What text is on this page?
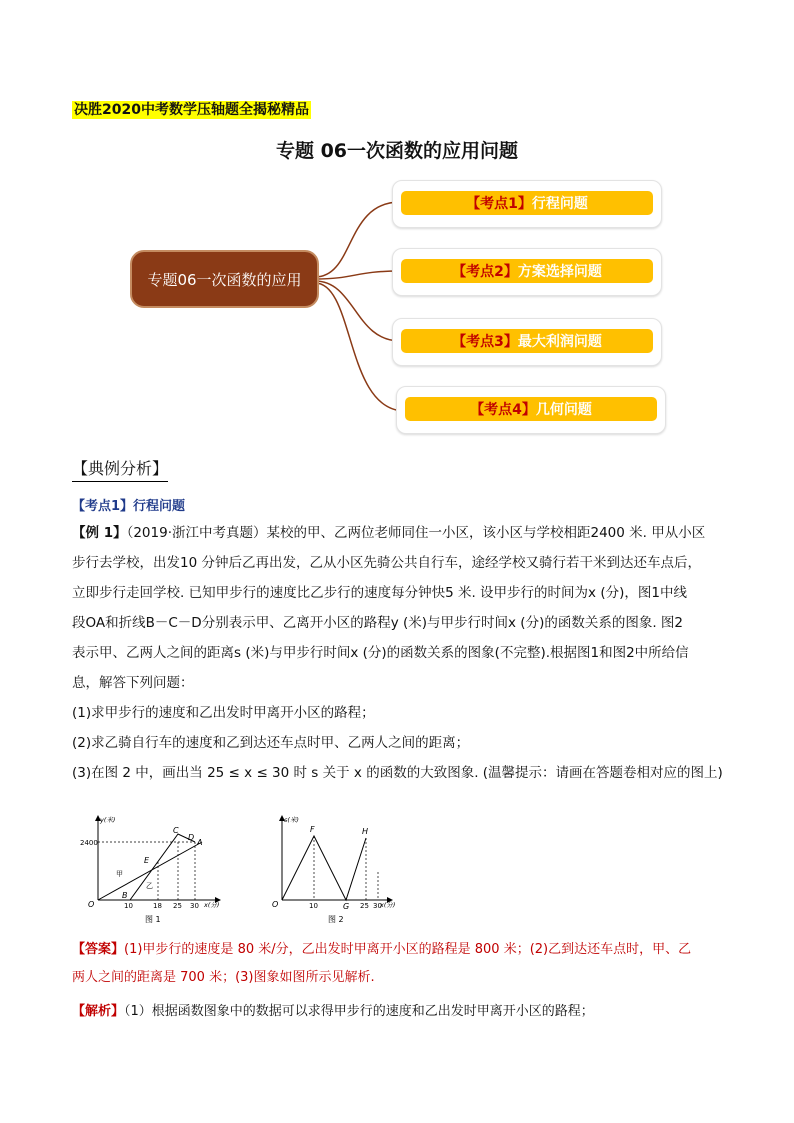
决胜2020中考数学压轴题全揭秘精品
专题 06一次函数的应用问题
专题06一次函数的应用
【考点1】 行程问题
【考点2】 方案选择问题
【考点3】 最大利润问题
【考点4】 几何问题
【典例分析】
【考点1】行程问题
【例 1】（2019·浙江中考真题）某校的甲、乙两位老师同住一小区，该小区与学校相距2400 米. 甲从小区
步行去学校，出发10 分钟后乙再出发，乙从小区先骑公共自行车，途经学校又骑行若干米到达还车点后，
立即步行走回学校. 已知甲步行的速度比乙步行的速度每分钟快5 米. 设甲步行的时间为x (分)，图1中线
段OA和折线B－C－D分别表示甲、乙离开小区的路程y (米)与甲步行时间x (分)的函数关系的图象. 图2
表示甲、乙两人之间的距离s (米)与甲步行时间x (分)的函数关系的图象(不完整).根据图1和图2中所给信
息，解答下列问题：
(1)求甲步行的速度和乙出发时甲离开小区的路程；
(2)求乙骑自行车的速度和乙到达还车点时甲、乙两人之间的距离；
(3)在图 2 中，画出当 25 ≤ x ≤ 30 时 s 关于 x 的函数的大致图象. (温馨提示：请画在答题卷相对应的图上)
2400
y(米)
x(分)
10	18 25 30
O
A
B
C
D
E
甲
乙
图 1
s(米)
x(分)
10	25 30
O
F
G
H
图 2
【答案】(1)甲步行的速度是 80 米/分，乙出发时甲离开小区的路程是 800 米；(2)乙到达还车点时，甲、乙
两人之间的距离是 700 米；(3)图象如图所示见解析.
【解析】（1）根据函数图象中的数据可以求得甲步行的速度和乙出发时甲离开小区的路程；
